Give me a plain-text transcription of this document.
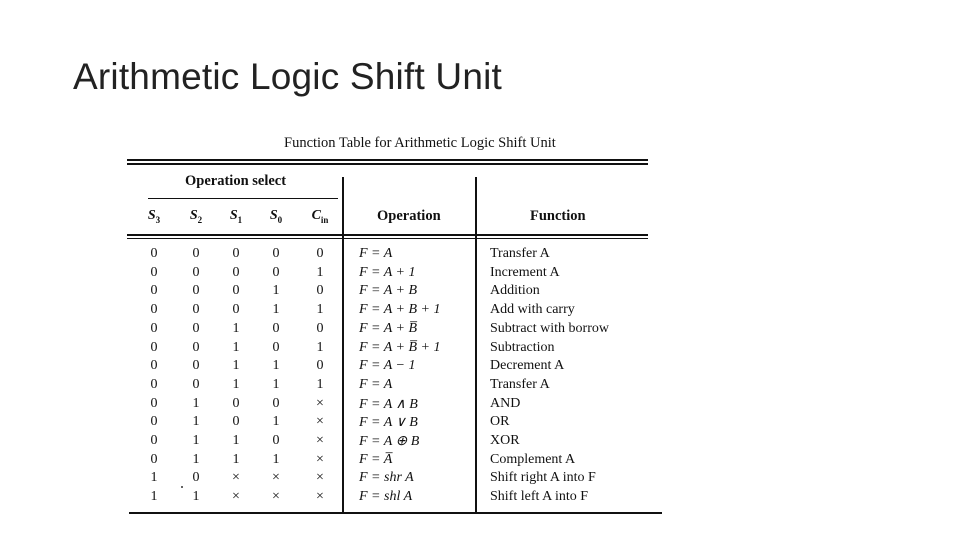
Arithmetic Logic Shift Unit
Function Table for Arithmetic Logic Shift Unit
Operation select
$S_3$	$S_2$	$S_1$	$S_0$	$C_{in}$	Operation	Function
0	0	0	0	0	F = A	Transfer A
0	0	0	0	1	F = A + 1	Increment A
0	0	0	1	0	F = A + B	Addition
0	0	0	1	1	F = A + B + 1	Add with carry
0	0	1	0	0	F = A + B̅	Subtract with borrow
0	0	1	0	1	F = A + B̅ + 1	Subtraction
0	0	1	1	0	F = A − 1	Decrement A
0	0	1	1	1	F = A	Transfer A
0	1	0	0	×	F = A ∧ B	AND
0	1	0	1	×	F = A ∨ B	OR
0	1	1	0	×	F = A ⊕ B	XOR
0	1	1	1	×	F = A̅	Complement A
1	0	×	×	×	F = shr A	Shift right A into F
1	1	×	×	×	F = shl A	Shift left A into F
